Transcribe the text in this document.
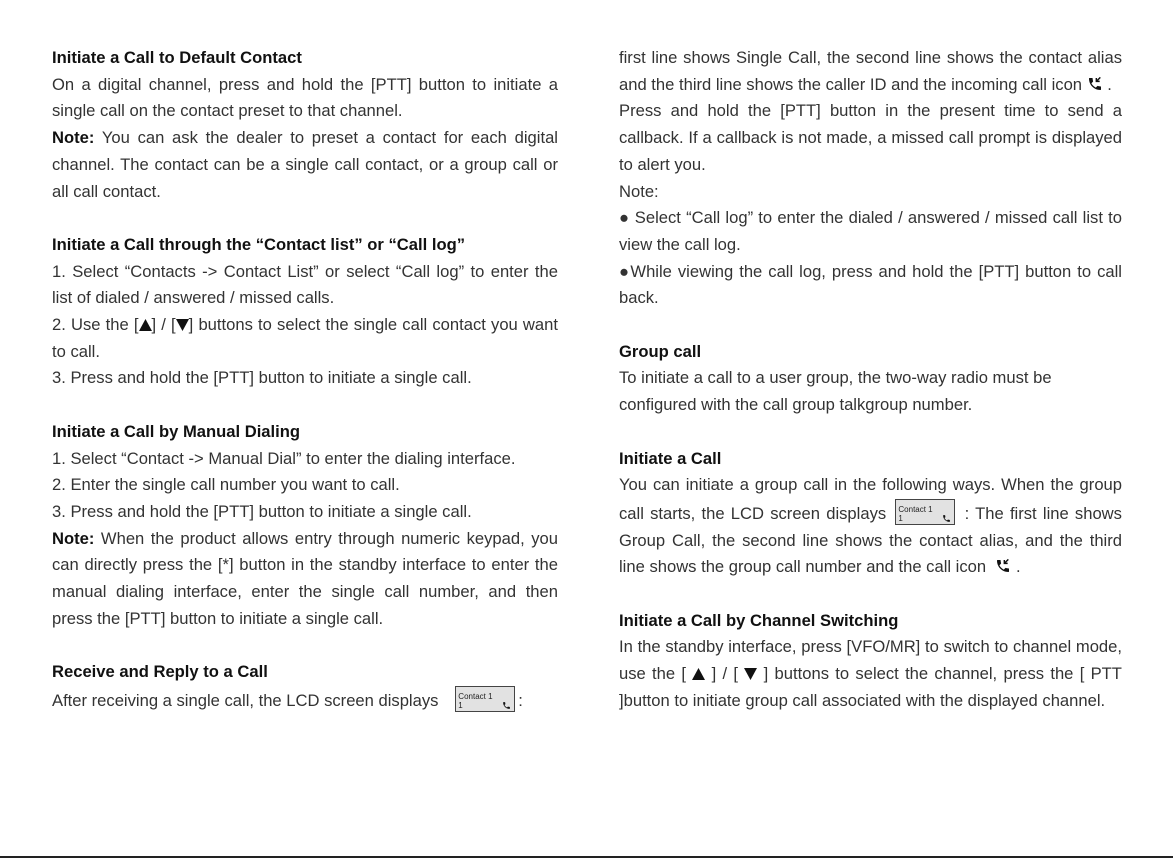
Initiate a Call to Default Contact

On a digital channel, press and hold the [PTT] button to initiate a single call on the contact preset to that channel.

Note: You can ask the dealer to preset a contact for each digital channel. The contact can be a single call contact, or a group call or all call contact.

Initiate a Call through the “Contact list” or “Call log”

1. Select “Contacts -> Contact List” or select “Call log” to enter the list of dialed / answered / missed calls.

2. Use the [ ] / [ ] buttons to select the single call contact you want to call.

3. Press and hold the [PTT] button to initiate a single call.

Initiate a Call by Manual Dialing

1. Select “Contact -> Manual Dial” to enter the dialing interface.

2. Enter the single call number you want to call.

3. Press and hold the [PTT] button to initiate a single call.

Note: When the product allows entry through numeric keypad, you can directly press the [*] button in the standby interface to enter the manual dialing interface, enter the single call number, and then press the [PTT] button to initiate a single call.

Receive and Reply to a Call

After receiving a single call, the LCD screen displays Contact 1
1	:

first line shows Single Call, the second line shows the contact alias and the third line shows the caller ID and the incoming call icon .

Press and hold the [PTT] button in the present time to send a callback. If a callback is not made, a missed call prompt is displayed to alert you.

Note:

● Select “Call log” to enter the dialed / answered / missed call list to view the call log.

●While viewing the call log, press and hold the [PTT] button to call back.

Group call

To initiate a call to a user group, the two-way radio must be configured with the call group talkgroup number.

Initiate a Call

You can initiate a group call in the following ways. When the group call starts, the LCD screen displays Contact 1
1	: The first line shows Group Call, the second line shows the contact alias, and the third line shows the group call number and the call icon .

Initiate a Call by Channel Switching

In the standby interface, press [VFO/MR] to switch to channel mode, use the [ ] / [ ] buttons to select the channel, press the [ PTT ]button to initiate group call associated with the displayed channel.
